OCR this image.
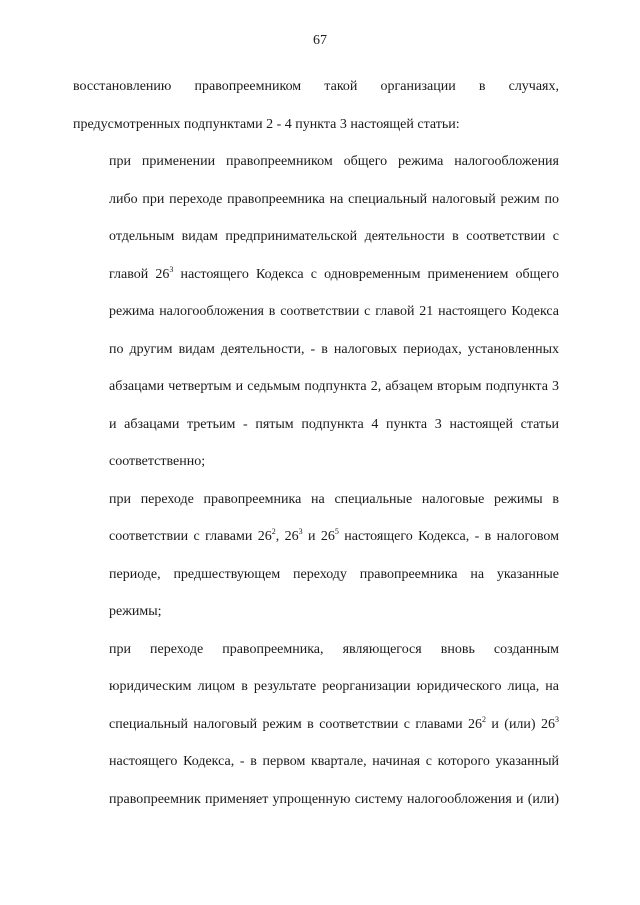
67

восстановлению правопреемником такой организации в случаях,
предусмотренных подпунктами 2 - 4 пункта 3 настоящей статьи:

при применении правопреемником общего режима налогообложения
либо при переходе правопреемника на специальный налоговый режим по
отдельным видам предпринимательской деятельности в соответствии с
главой $26^3$ настоящего Кодекса с одновременным применением общего
режима налогообложения в соответствии с главой 21 настоящего Кодекса
по другим видам деятельности, - в налоговых периодах, установленных
абзацами четвертым и седьмым подпункта 2, абзацем вторым подпункта 3
и абзацами третьим - пятым подпункта 4 пункта 3 настоящей статьи
соответственно;

при переходе правопреемника на специальные налоговые режимы в
соответствии с главами $26^2$, $26^3$ и $26^5$ настоящего Кодекса, - в налоговом
периоде, предшествующем переходу правопреемника на указанные
режимы;

при переходе правопреемника, являющегося вновь созданным
юридическим лицом в результате реорганизации юридического лица, на
специальный налоговый режим в соответствии с главами $26^2$ и (или) $26^3$
настоящего Кодекса, - в первом квартале, начиная с которого указанный
правопреемник применяет упрощенную систему налогообложения и (или)
